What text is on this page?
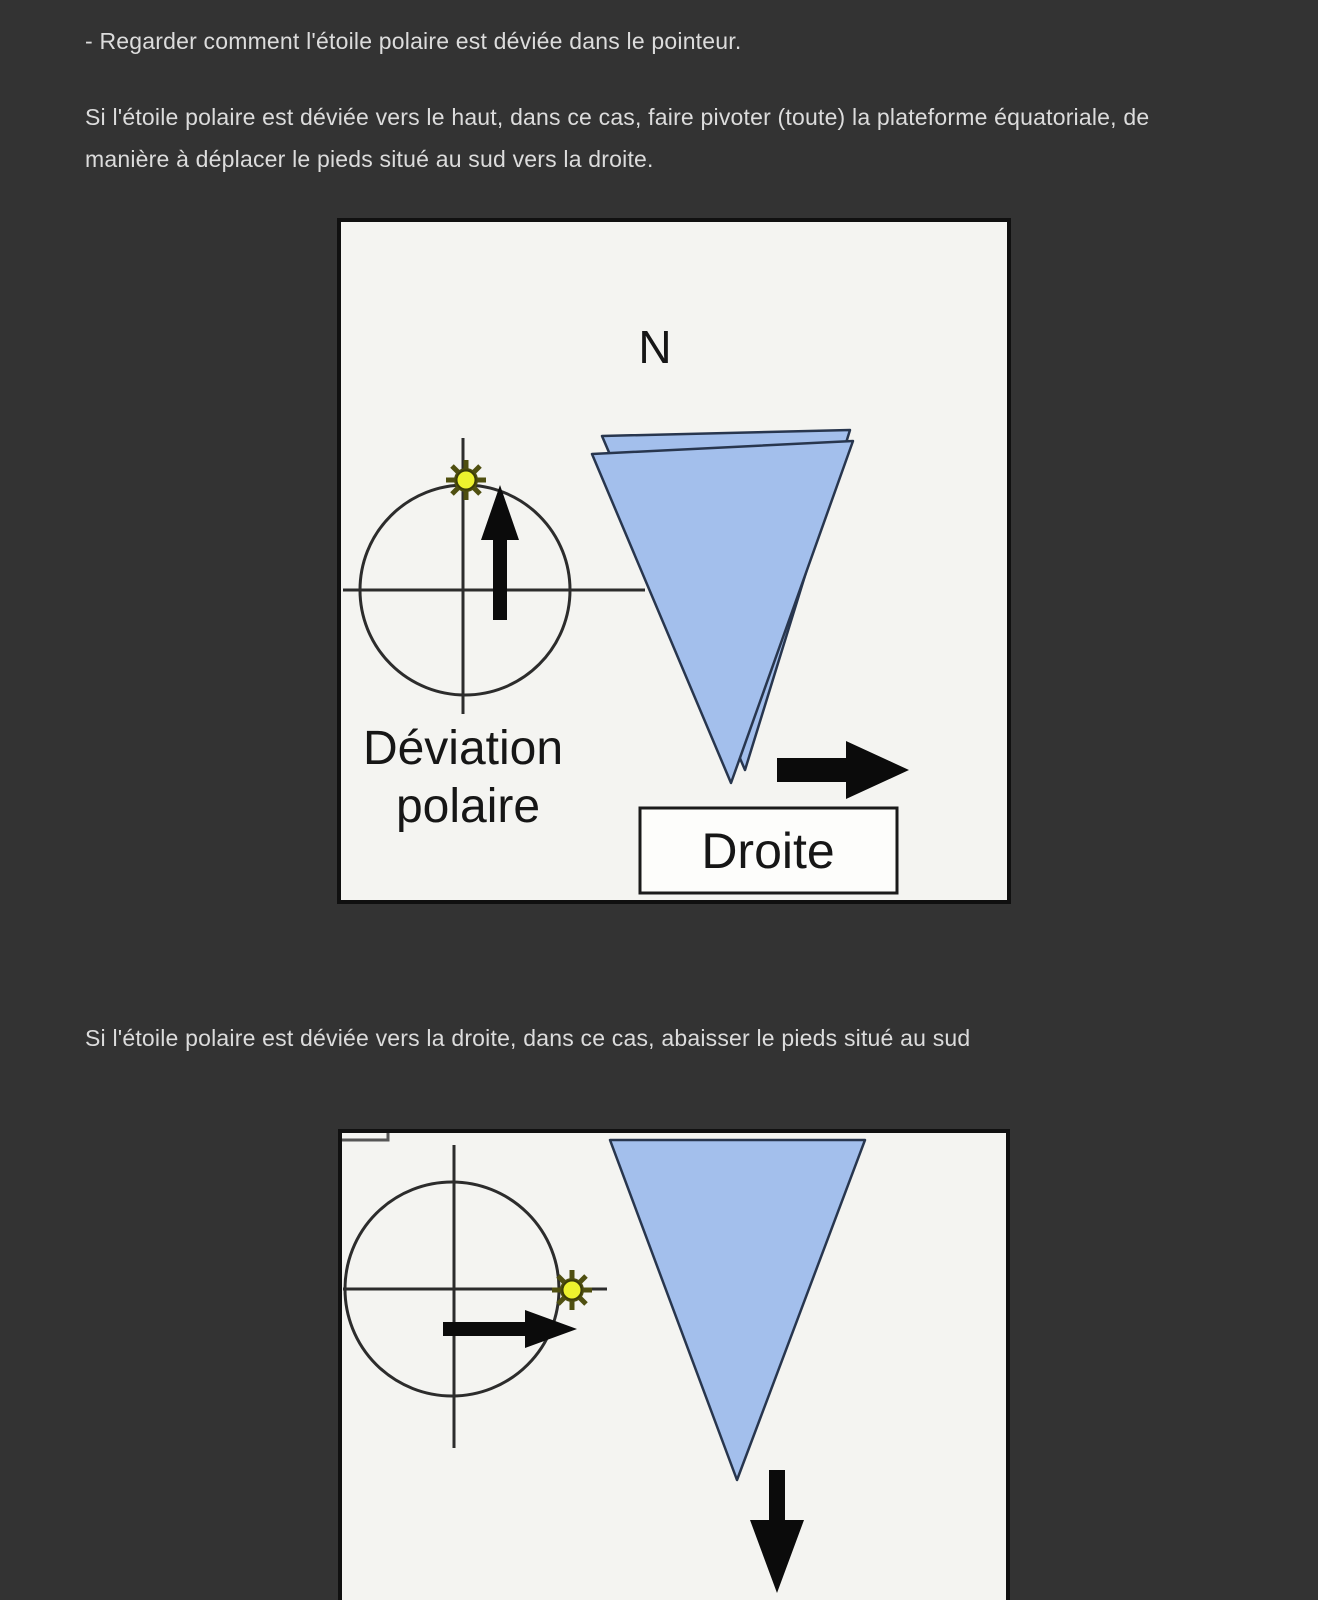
- Regarder comment l'étoile polaire est déviée dans le pointeur.
Si l'étoile polaire est déviée vers le haut, dans ce cas, faire pivoter (toute) la plateforme équatoriale, de manière à déplacer le pieds situé au sud vers la droite.
N
Déviation
polaire
Droite
Si l'étoile polaire est déviée vers la droite, dans ce cas, abaisser le pieds situé au sud
